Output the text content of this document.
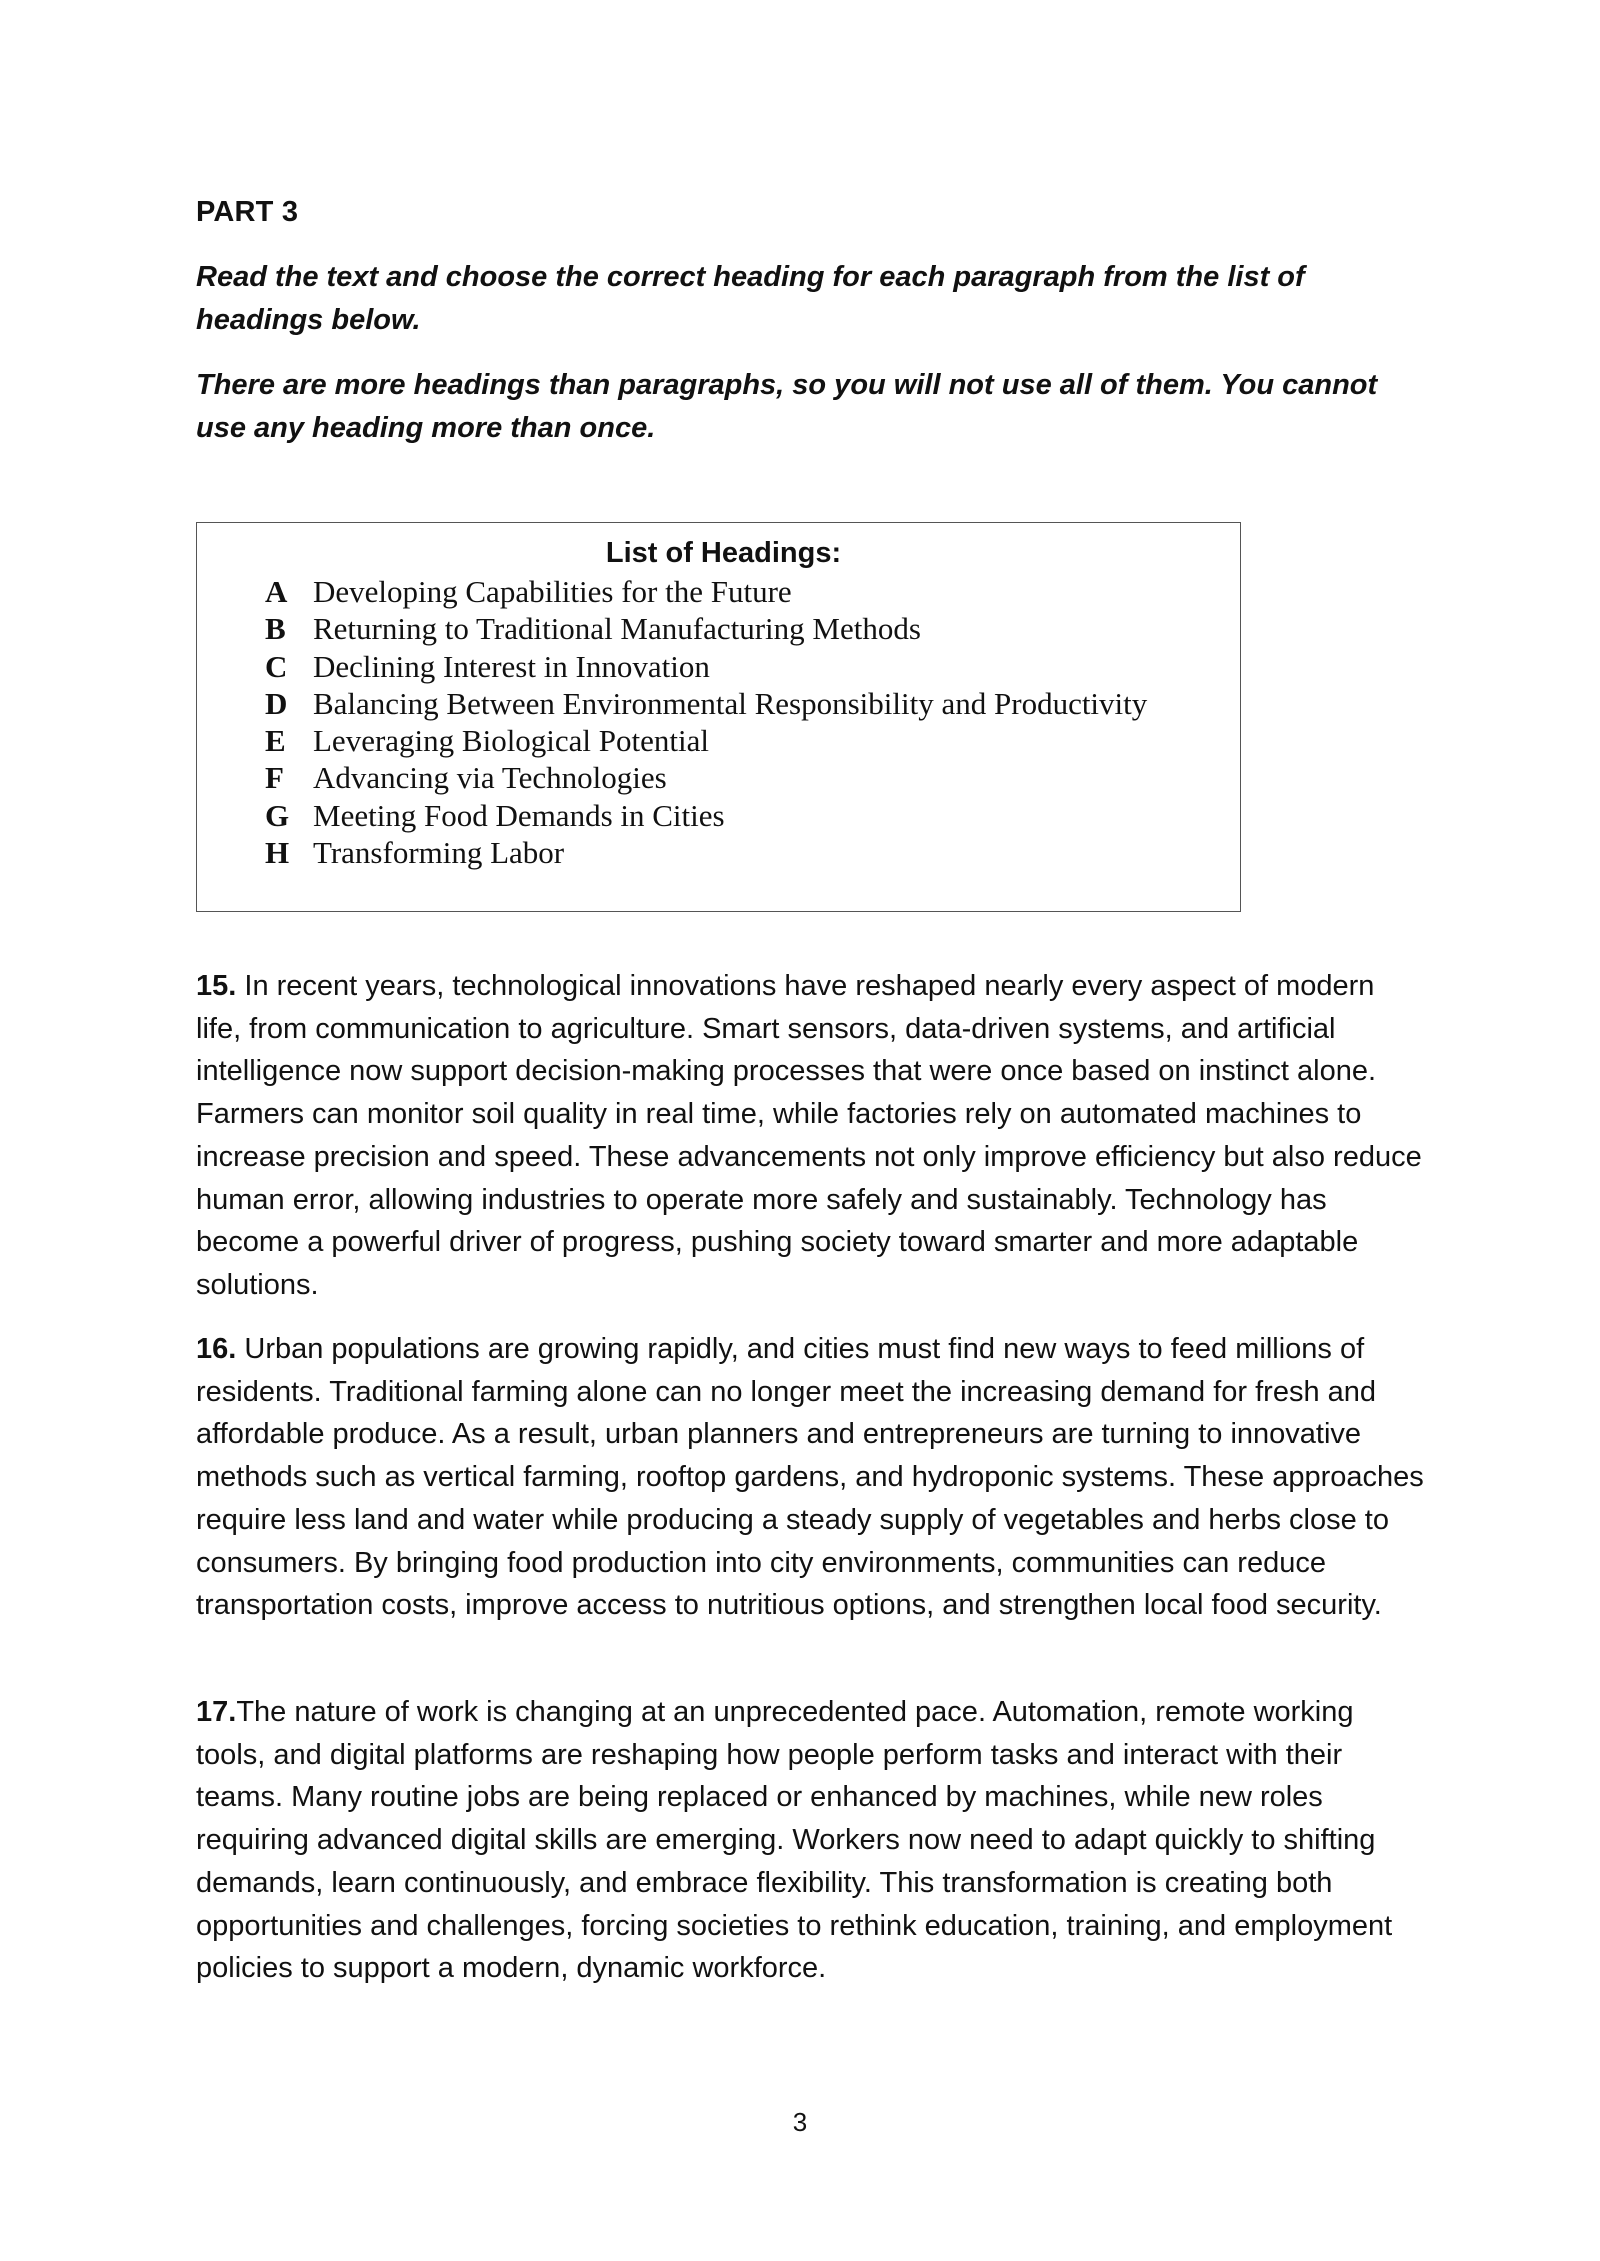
PART 3
Read the text and choose the correct heading for each paragraph from the list of headings below.
There are more headings than paragraphs, so you will not use all of them. You cannot use any heading more than once.
List of Headings:
A Developing Capabilities for the Future
B Returning to Traditional Manufacturing Methods
C Declining Interest in Innovation
D Balancing Between Environmental Responsibility and Productivity
E Leveraging Biological Potential
F Advancing via Technologies
G Meeting Food Demands in Cities
H Transforming Labor

15. In recent years, technological innovations have reshaped nearly every aspect of modern life, from communication to agriculture. Smart sensors, data-driven systems, and artificial intelligence now support decision-making processes that were once based on instinct alone. Farmers can monitor soil quality in real time, while factories rely on automated machines to increase precision and speed. These advancements not only improve efficiency but also reduce human error, allowing industries to operate more safely and sustainably. Technology has become a powerful driver of progress, pushing society toward smarter and more adaptable solutions.

16. Urban populations are growing rapidly, and cities must find new ways to feed millions of residents. Traditional farming alone can no longer meet the increasing demand for fresh and affordable produce. As a result, urban planners and entrepreneurs are turning to innovative methods such as vertical farming, rooftop gardens, and hydroponic systems. These approaches require less land and water while producing a steady supply of vegetables and herbs close to consumers. By bringing food production into city environments, communities can reduce transportation costs, improve access to nutritious options, and strengthen local food security.

17.The nature of work is changing at an unprecedented pace. Automation, remote working tools, and digital platforms are reshaping how people perform tasks and interact with their teams. Many routine jobs are being replaced or enhanced by machines, while new roles requiring advanced digital skills are emerging. Workers now need to adapt quickly to shifting demands, learn continuously, and embrace flexibility. This transformation is creating both opportunities and challenges, forcing societies to rethink education, training, and employment policies to support a modern, dynamic workforce.

3
